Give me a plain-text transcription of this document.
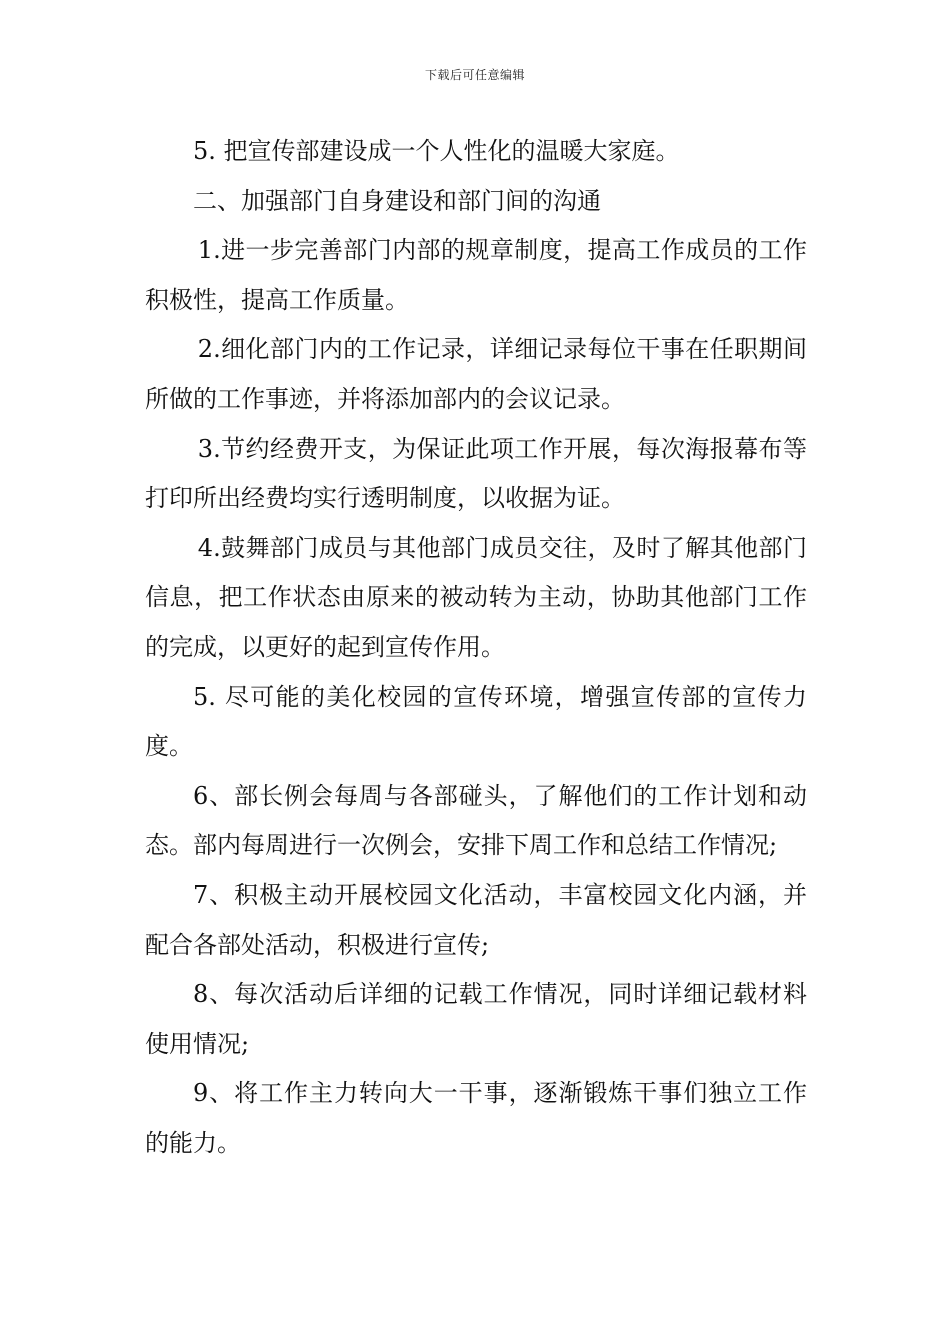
下载后可任意编辑

5. 把宣传部建设成一个人性化的温暖大家庭。

二、加强部门自身建设和部门间的沟通

1.进一步完善部门内部的规章制度，提高工作成员的工作积极性，提高工作质量。

2.细化部门内的工作记录，详细记录每位干事在任职期间所做的工作事迹，并将添加部内的会议记录。

3.节约经费开支，为保证此项工作开展，每次海报幕布等打印所出经费均实行透明制度，以收据为证。

4.鼓舞部门成员与其他部门成员交往，及时了解其他部门信息，把工作状态由原来的被动转为主动，协助其他部门工作的完成，以更好的起到宣传作用。

5. 尽可能的美化校园的宣传环境，增强宣传部的宣传力度。

6、部长例会每周与各部碰头，了解他们的工作计划和动态。部内每周进行一次例会，安排下周工作和总结工作情况;

7、积极主动开展校园文化活动，丰富校园文化内涵，并配合各部处活动，积极进行宣传;

8、每次活动后详细的记载工作情况，同时详细记载材料使用情况;

9、将工作主力转向大一干事，逐渐锻炼干事们独立工作的能力。
